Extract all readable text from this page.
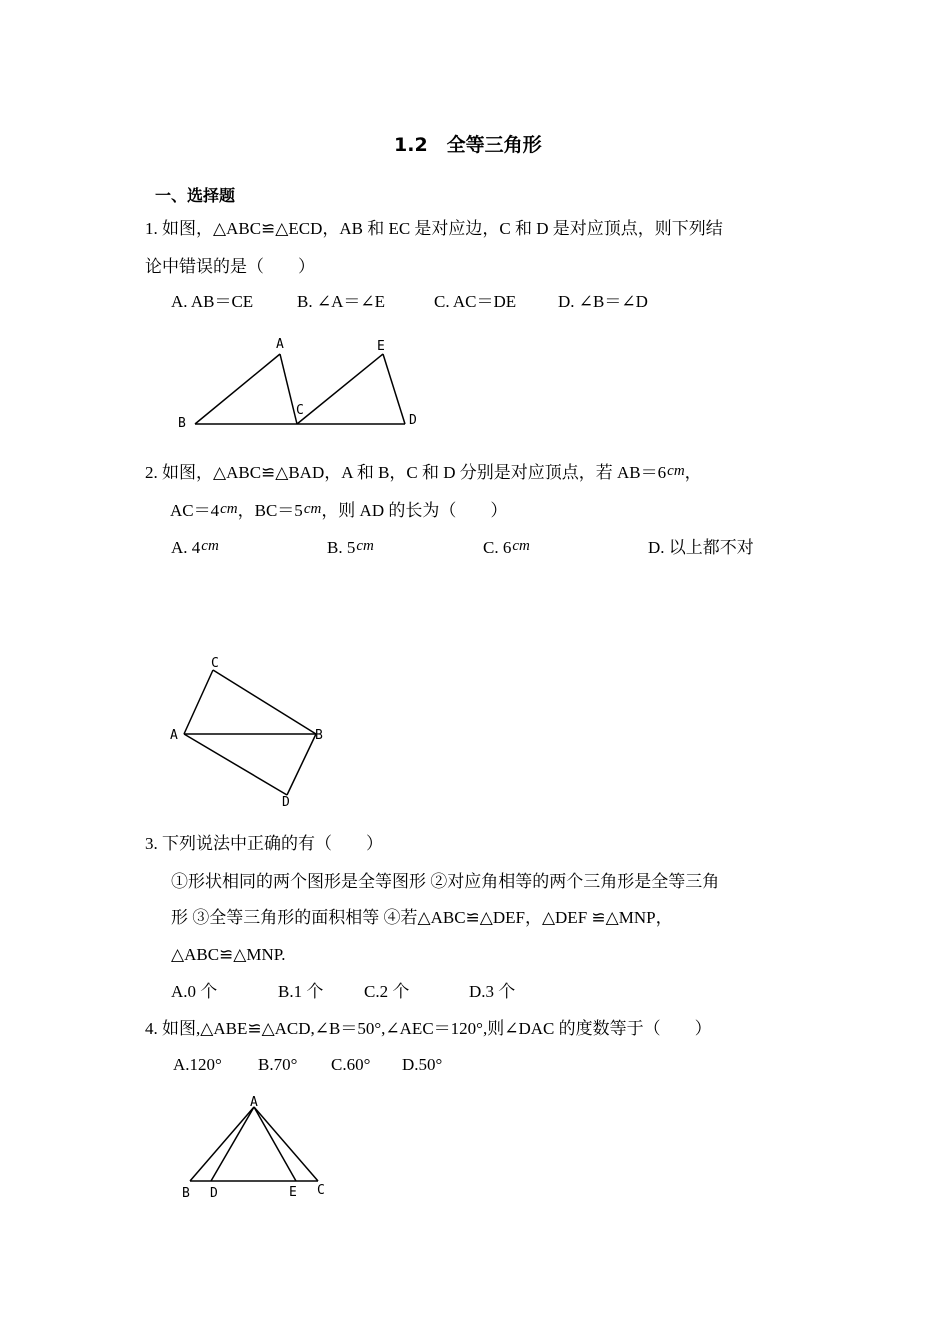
1.2　全等三角形
一、选择题
1. 如图，△ABC≌△ECD，AB 和 EC 是对应边，C 和 D 是对应顶点，则下列结
论中错误的是（　　）
A. AB＝CE	B. ∠A＝∠E	C. AC＝DE D. ∠B＝∠D
A
B
C
D
E
2. 如图，△ABC≌△BAD，A 和 B，C 和 D 分别是对应顶点，若 AB＝6cm，
AC＝4cm，BC＝5cm，则 AD 的长为（　　）
A. 4cm	B. 5cm	C. 6cm	D. 以上都不对
C
A	B
D
3. 下列说法中正确的有（　　）
①形状相同的两个图形是全等图形 ②对应角相等的两个三角形是全等三角
形 ③全等三角形的面积相等 ④若△ABC≌△DEF，△DEF ≌△MNP，
△ABC≌△MNP.
A.0 个	B.1 个 C.2 个	D.3 个
4. 如图,△ABE≌△ACD,∠B＝50°,∠AEC＝120°,则∠DAC 的度数等于（　　）
A.120° B.70° C.60° D.50°
A
B D	E C
